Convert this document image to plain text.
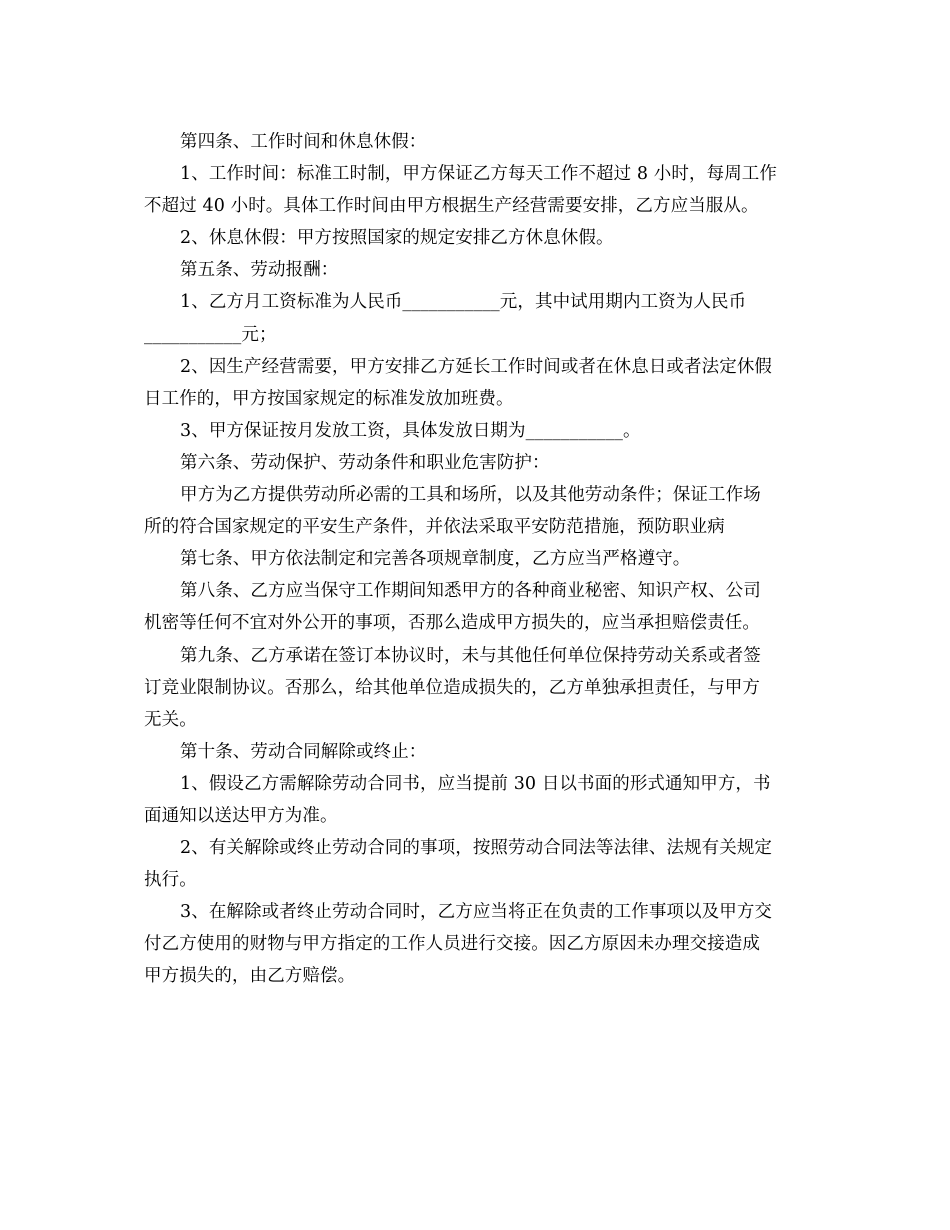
第四条、工作时间和休息休假：
1、工作时间：标准工时制，甲方保证乙方每天工作不超过 8 小时，每周工作
不超过 40 小时。具体工作时间由甲方根据生产经营需要安排，乙方应当服从。
2、休息休假：甲方按照国家的规定安排乙方休息休假。
第五条、劳动报酬：
1、乙方月工资标准为人民币___________元，其中试用期内工资为人民币
___________元；
2、因生产经营需要，甲方安排乙方延长工作时间或者在休息日或者法定休假
日工作的，甲方按国家规定的标准发放加班费。
3、甲方保证按月发放工资，具体发放日期为___________。
第六条、劳动保护、劳动条件和职业危害防护：
甲方为乙方提供劳动所必需的工具和场所，以及其他劳动条件；保证工作场
所的符合国家规定的平安生产条件，并依法采取平安防范措施，预防职业病
第七条、甲方依法制定和完善各项规章制度，乙方应当严格遵守。
第八条、乙方应当保守工作期间知悉甲方的各种商业秘密、知识产权、公司
机密等任何不宜对外公开的事项，否那么造成甲方损失的，应当承担赔偿责任。
第九条、乙方承诺在签订本协议时，未与其他任何单位保持劳动关系或者签
订竞业限制协议。否那么，给其他单位造成损失的，乙方单独承担责任，与甲方
无关。
第十条、劳动合同解除或终止：
1、假设乙方需解除劳动合同书，应当提前 30 日以书面的形式通知甲方，书
面通知以送达甲方为准。
2、有关解除或终止劳动合同的事项，按照劳动合同法等法律、法规有关规定
执行。
3、在解除或者终止劳动合同时，乙方应当将正在负责的工作事项以及甲方交
付乙方使用的财物与甲方指定的工作人员进行交接。因乙方原因未办理交接造成
甲方损失的，由乙方赔偿。
